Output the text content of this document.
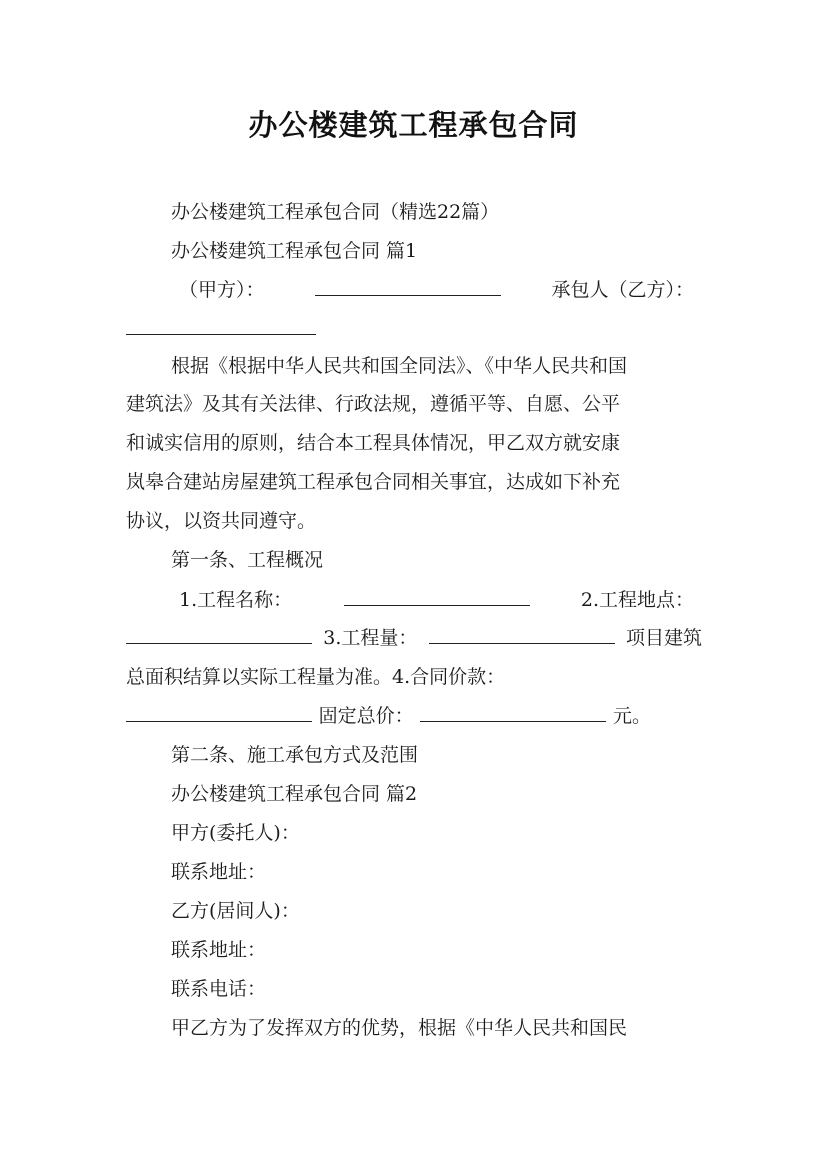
办公楼建筑工程承包合同
办公楼建筑工程承包合同（精选22篇）
办公楼建筑工程承包合同 篇1
（甲方）：	承包人（乙方）：
根据《根据中华人民共和国全同法》、《中华人民共和国
建筑法》及其有关法律、行政法规，遵循平等、自愿、公平
和诚实信用的原则，结合本工程具体情况，甲乙双方就安康
岚皋合建站房屋建筑工程承包合同相关事宜，达成如下补充
协议，以资共同遵守。
第一条、工程概况
1.工程名称：	2.工程地点：
3.工程量：	项目建筑
总面积结算以实际工程量为准。4.合同价款：
固定总价：	元。
第二条、施工承包方式及范围
办公楼建筑工程承包合同 篇2
甲方(委托人)：
联系地址：
乙方(居间人)：
联系地址：
联系电话：
甲乙方为了发挥双方的优势，根据《中华人民共和国民
